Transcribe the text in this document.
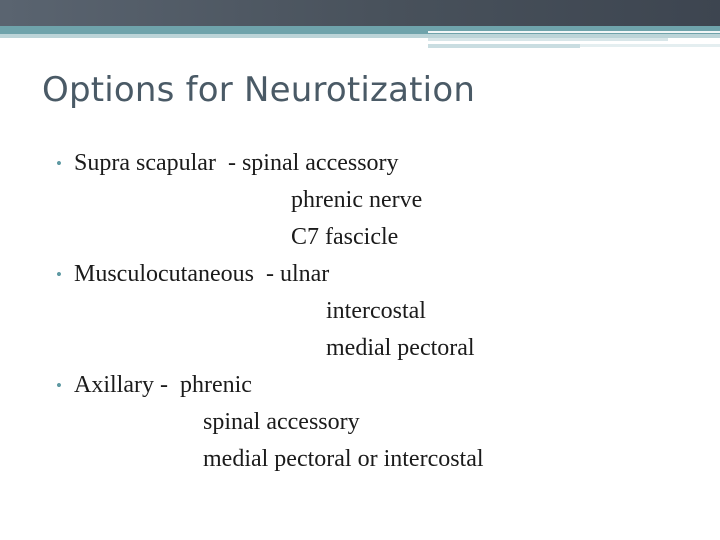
Options for Neurotization

•

Supra scapular  - spinal accessory

phrenic nerve

C7 fascicle

•

Musculocutaneous  - ulnar

intercostal

medial pectoral

•

Axillary -  phrenic

spinal accessory

medial pectoral or intercostal
